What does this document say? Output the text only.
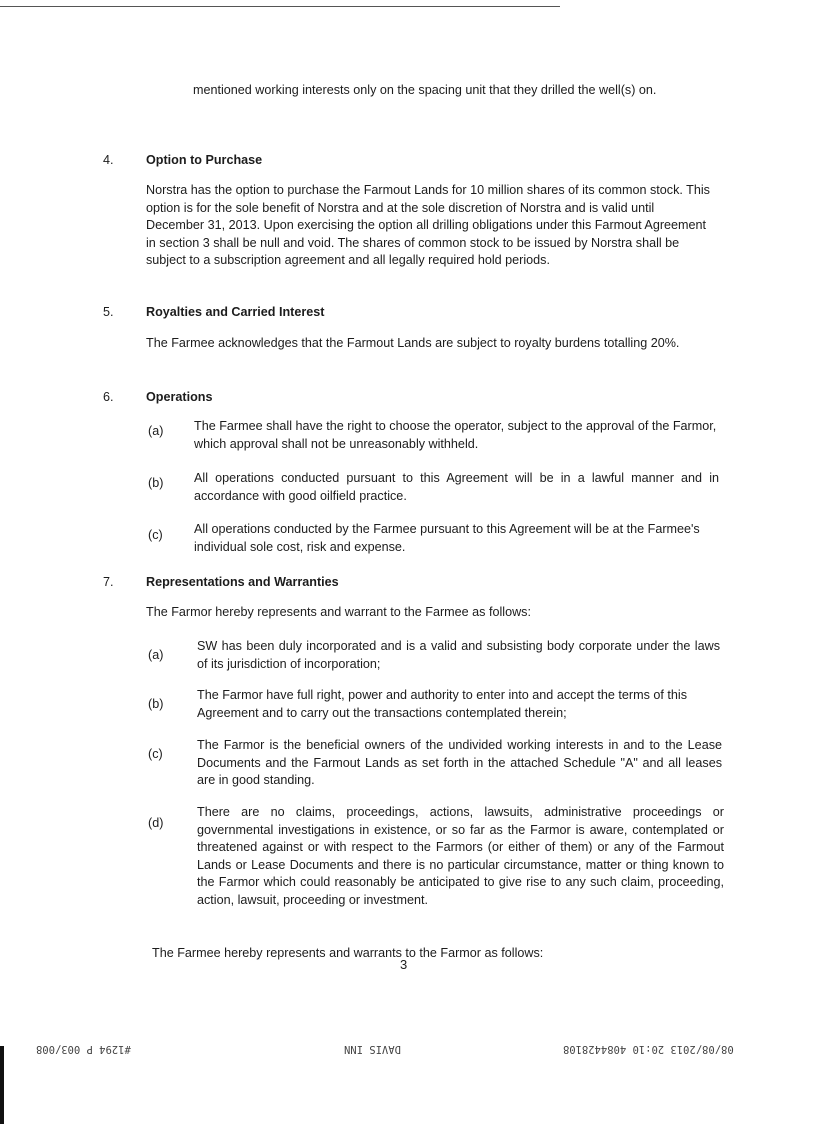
mentioned working interests only on the spacing unit that they drilled the well(s) on.

4.	Option to Purchase

Norstra has the option to purchase the Farmout Lands for 10 million shares of its common stock. This option is for the sole benefit of Norstra and at the sole discretion of Norstra and is valid until December 31, 2013. Upon exercising the option all drilling obligations under this Farmout Agreement in section 3 shall be null and void. The shares of common stock to be issued by Norstra shall be subject to a subscription agreement and all legally required hold periods.

5.	Royalties and Carried Interest

The Farmee acknowledges that the Farmout Lands are subject to royalty burdens totalling 20%.

6.	Operations
(a) The Farmee shall have the right to choose the operator, subject to the approval of the Farmor, which approval shall not be unreasonably withheld.

(b) All operations conducted pursuant to this Agreement will be in a lawful manner and in accordance with good oilfield practice.

(c) All operations conducted by the Farmee pursuant to this Agreement will be at the Farmee's individual sole cost, risk and expense.

7.	Representations and Warranties

The Farmor hereby represents and warrant to the Farmee as follows:

(a)

SW has been duly incorporated and is a valid and subsisting body corporate under the laws of its jurisdiction of incorporation;

(b)

The Farmor have full right, power and authority to enter into and accept the terms of this Agreement and to carry out the transactions contemplated therein;

(c)

The Farmor is the beneficial owners of the undivided working interests in and to the Lease Documents and the Farmout Lands as set forth in the attached Schedule "A" and all leases are in good standing.

(d)

There are no claims, proceedings, actions, lawsuits, administrative proceedings or governmental investigations in existence, or so far as the Farmor is aware, contemplated or threatened against or with respect to the Farmors (or either of them) or any of the Farmout Lands or Lease Documents and there is no particular circumstance, matter or thing known to the Farmor which could reasonably be anticipated to give rise to any such claim, proceeding, action, lawsuit, proceeding or investment.

The Farmee hereby represents and warrants to the Farmor as follows:

3
#1294 P 003/008	DAVIS INN	08/08/2013 20:10 4084428108
